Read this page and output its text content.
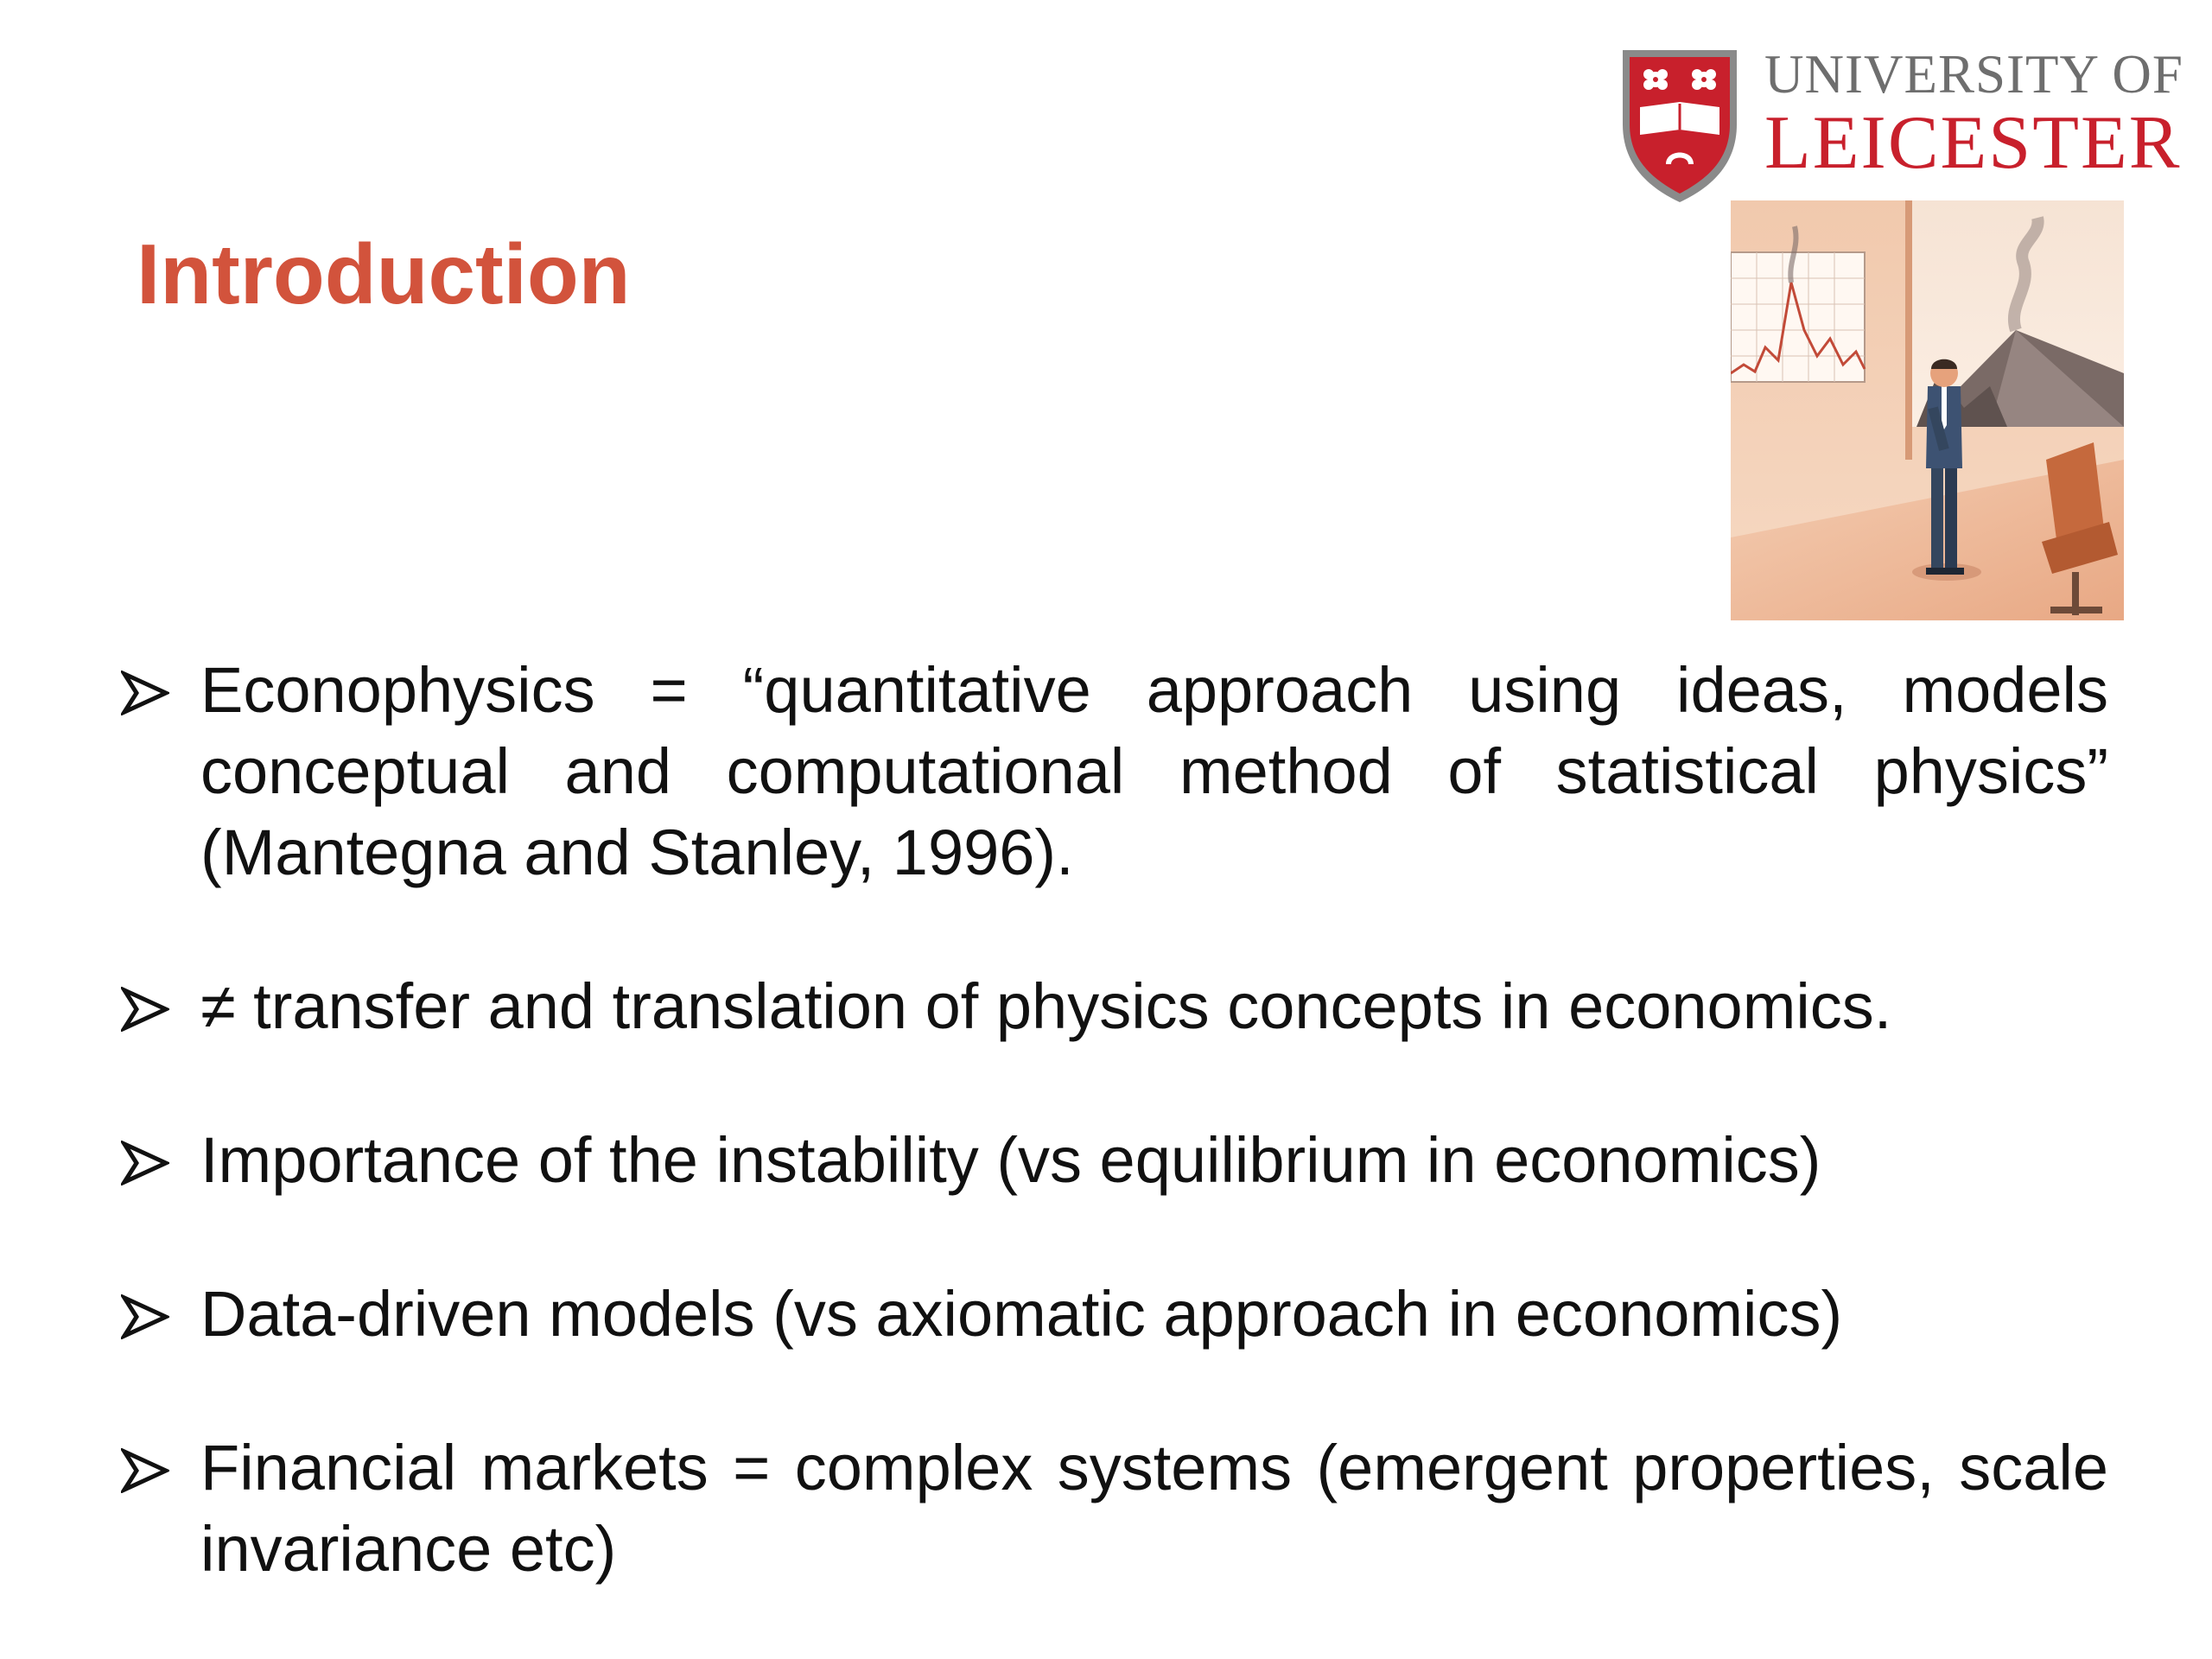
UNIVERSITY OF
LEICESTER
Introduction
Econophysics = “quantitative approach using ideas, models conceptual and computational method of statistical physics” (Mantegna and Stanley, 1996).
≠ transfer and translation of physics concepts in economics.
Importance of the instability (vs equilibrium in economics)
Data-driven models (vs axiomatic approach in economics)
Financial markets = complex systems (emergent properties, scale invariance etc)
